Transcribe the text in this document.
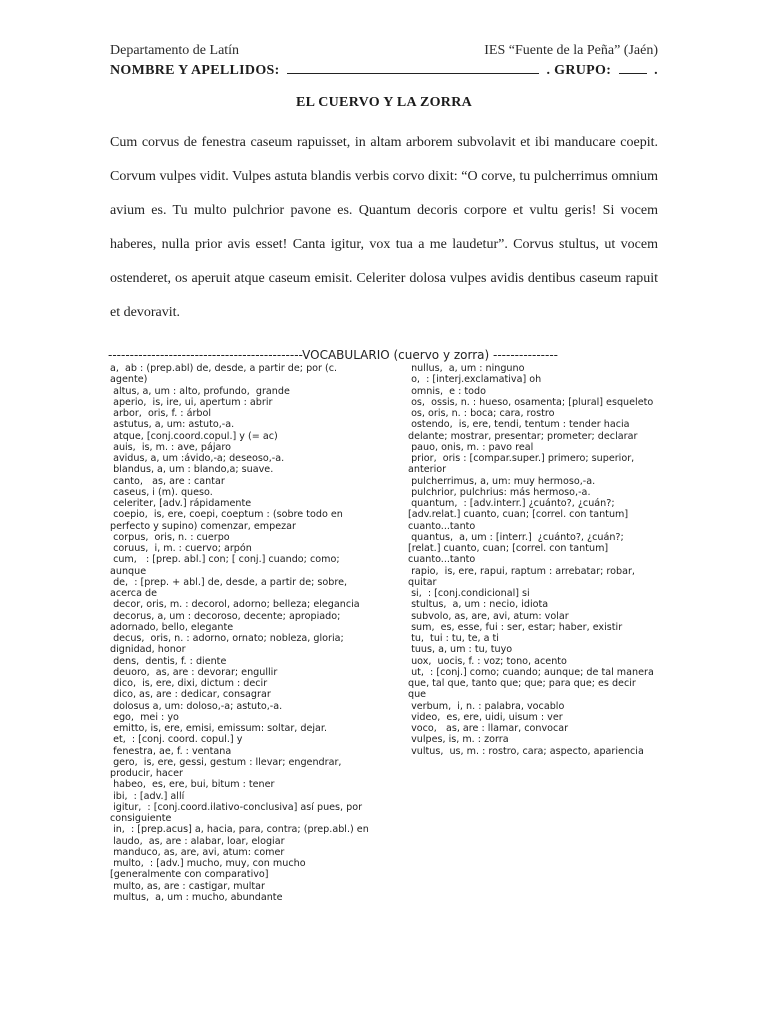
Departamento de Latín	IES “Fuente de la Peña” (Jaén)
NOMBRE Y APELLIDOS:	. GRUPO:	.
EL CUERVO Y LA ZORRA

Cum corvus de fenestra caseum rapuisset, in altam arborem subvolavit et ibi manducare coepit. Corvum vulpes vidit. Vulpes astuta blandis verbis corvo dixit: “O corve, tu pulcherrimus omnium avium es. Tu multo pulchrior pavone es. Quantum decoris corpore et vultu geris! Si vocem haberes, nulla prior avis esset! Canta igitur, vox tua a me laudetur”. Corvus stultus, ut vocem ostenderet, os aperuit atque caseum emisit. Celeriter dolosa vulpes avidis dentibus caseum rapuit et devoravit.

---------------------------------------------VOCABULARIO (cuervo y zorra) ---------------
a,  ab : (prep.abl) de, desde, a partir de; por (c. agente)
altus, a, um : alto, profundo,  grande
aperio,  is, ire, ui, apertum : abrir
arbor,  oris, f. : árbol
astutus, a, um: astuto,-a.
atque, [conj.coord.copul.] y (= ac)
auis,  is, m. : ave, pájaro
avidus, a, um :ávido,-a; deseoso,-a.
blandus, a, um : blando,a; suave.
canto,   as, are : cantar
caseus, i (m). queso.
celeriter, [adv.] rápidamente
coepio,  is, ere, coepi, coeptum : (sobre todo en perfecto y supino) comenzar, empezar
corpus,  oris, n. : cuerpo
coruus,  i, m. : cuervo; arpón
cum,   : [prep. abl.] con; [ conj.] cuando; como; aunque
de,  : [prep. + abl.] de, desde, a partir de; sobre, acerca de
decor, oris, m. : decorol, adorno; belleza; elegancia
decorus, a, um : decoroso, decente; apropiado; adornado, bello, elegante
decus,  oris, n. : adorno, ornato; nobleza, gloria; dignidad, honor
dens,  dentis, f. : diente
deuoro,  as, are : devorar; engullir
dico,  is, ere, dixi, dictum : decir
dico, as, are : dedicar, consagrar
dolosus a, um: doloso,-a; astuto,-a.
ego,  mei : yo
emitto, is, ere, emisi, emissum: soltar, dejar.
et,  : [conj. coord. copul.] y
fenestra, ae, f. : ventana
gero,  is, ere, gessi, gestum : llevar; engendrar, producir, hacer
habeo,  es, ere, bui, bitum : tener
ibi,  : [adv.] allí
igitur,  : [conj.coord.ilativo-conclusiva] así pues, por consiguiente
in,  : [prep.acus] a, hacia, para, contra; (prep.abl.) en
laudo,  as, are : alabar, loar, elogiar
manduco, as, are, avi, atum: comer
multo,  : [adv.] mucho, muy, con mucho [generalmente con comparativo]
multo, as, are : castigar, multar
multus,  a, um : mucho, abundante
nullus,  a, um : ninguno
o,  : [interj.exclamativa] oh
omnis,  e : todo
os,  ossis, n. : hueso, osamenta; [plural] esqueleto
os, oris, n. : boca; cara, rostro
ostendo,  is, ere, tendi, tentum : tender hacia delante; mostrar, presentar; prometer; declarar
pauo, onis, m. : pavo real
prior,  oris : [compar.super.] primero; superior, anterior
pulcherrimus, a, um: muy hermoso,-a.
pulchrior, pulchrius: más hermoso,-a.
quantum,  : [adv.interr.] ¿cuánto?, ¿cuán?; [adv.relat.] cuanto, cuan; [correl. con tantum] cuanto...tanto
quantus,  a, um : [interr.]  ¿cuánto?, ¿cuán?; [relat.] cuanto, cuan; [correl. con tantum] cuanto...tanto
rapio,  is, ere, rapui, raptum : arrebatar; robar, quitar
si,  : [conj.condicional] si
stultus,  a, um : necio, idiota
subvolo, as, are, avi, atum: volar
sum,  es, esse, fui : ser, estar; haber, existir
tu,  tui : tu, te, a ti
tuus, a, um : tu, tuyo
uox,  uocis, f. : voz; tono, acento
ut,  : [conj.] como; cuando; aunque; de tal manera que, tal que, tanto que; que; para que; es decir que
verbum,  i, n. : palabra, vocablo
video,  es, ere, uidi, uisum : ver
voco,   as, are : llamar, convocar
vulpes, is, m. : zorra
vultus,  us, m. : rostro, cara; aspecto, apariencia
